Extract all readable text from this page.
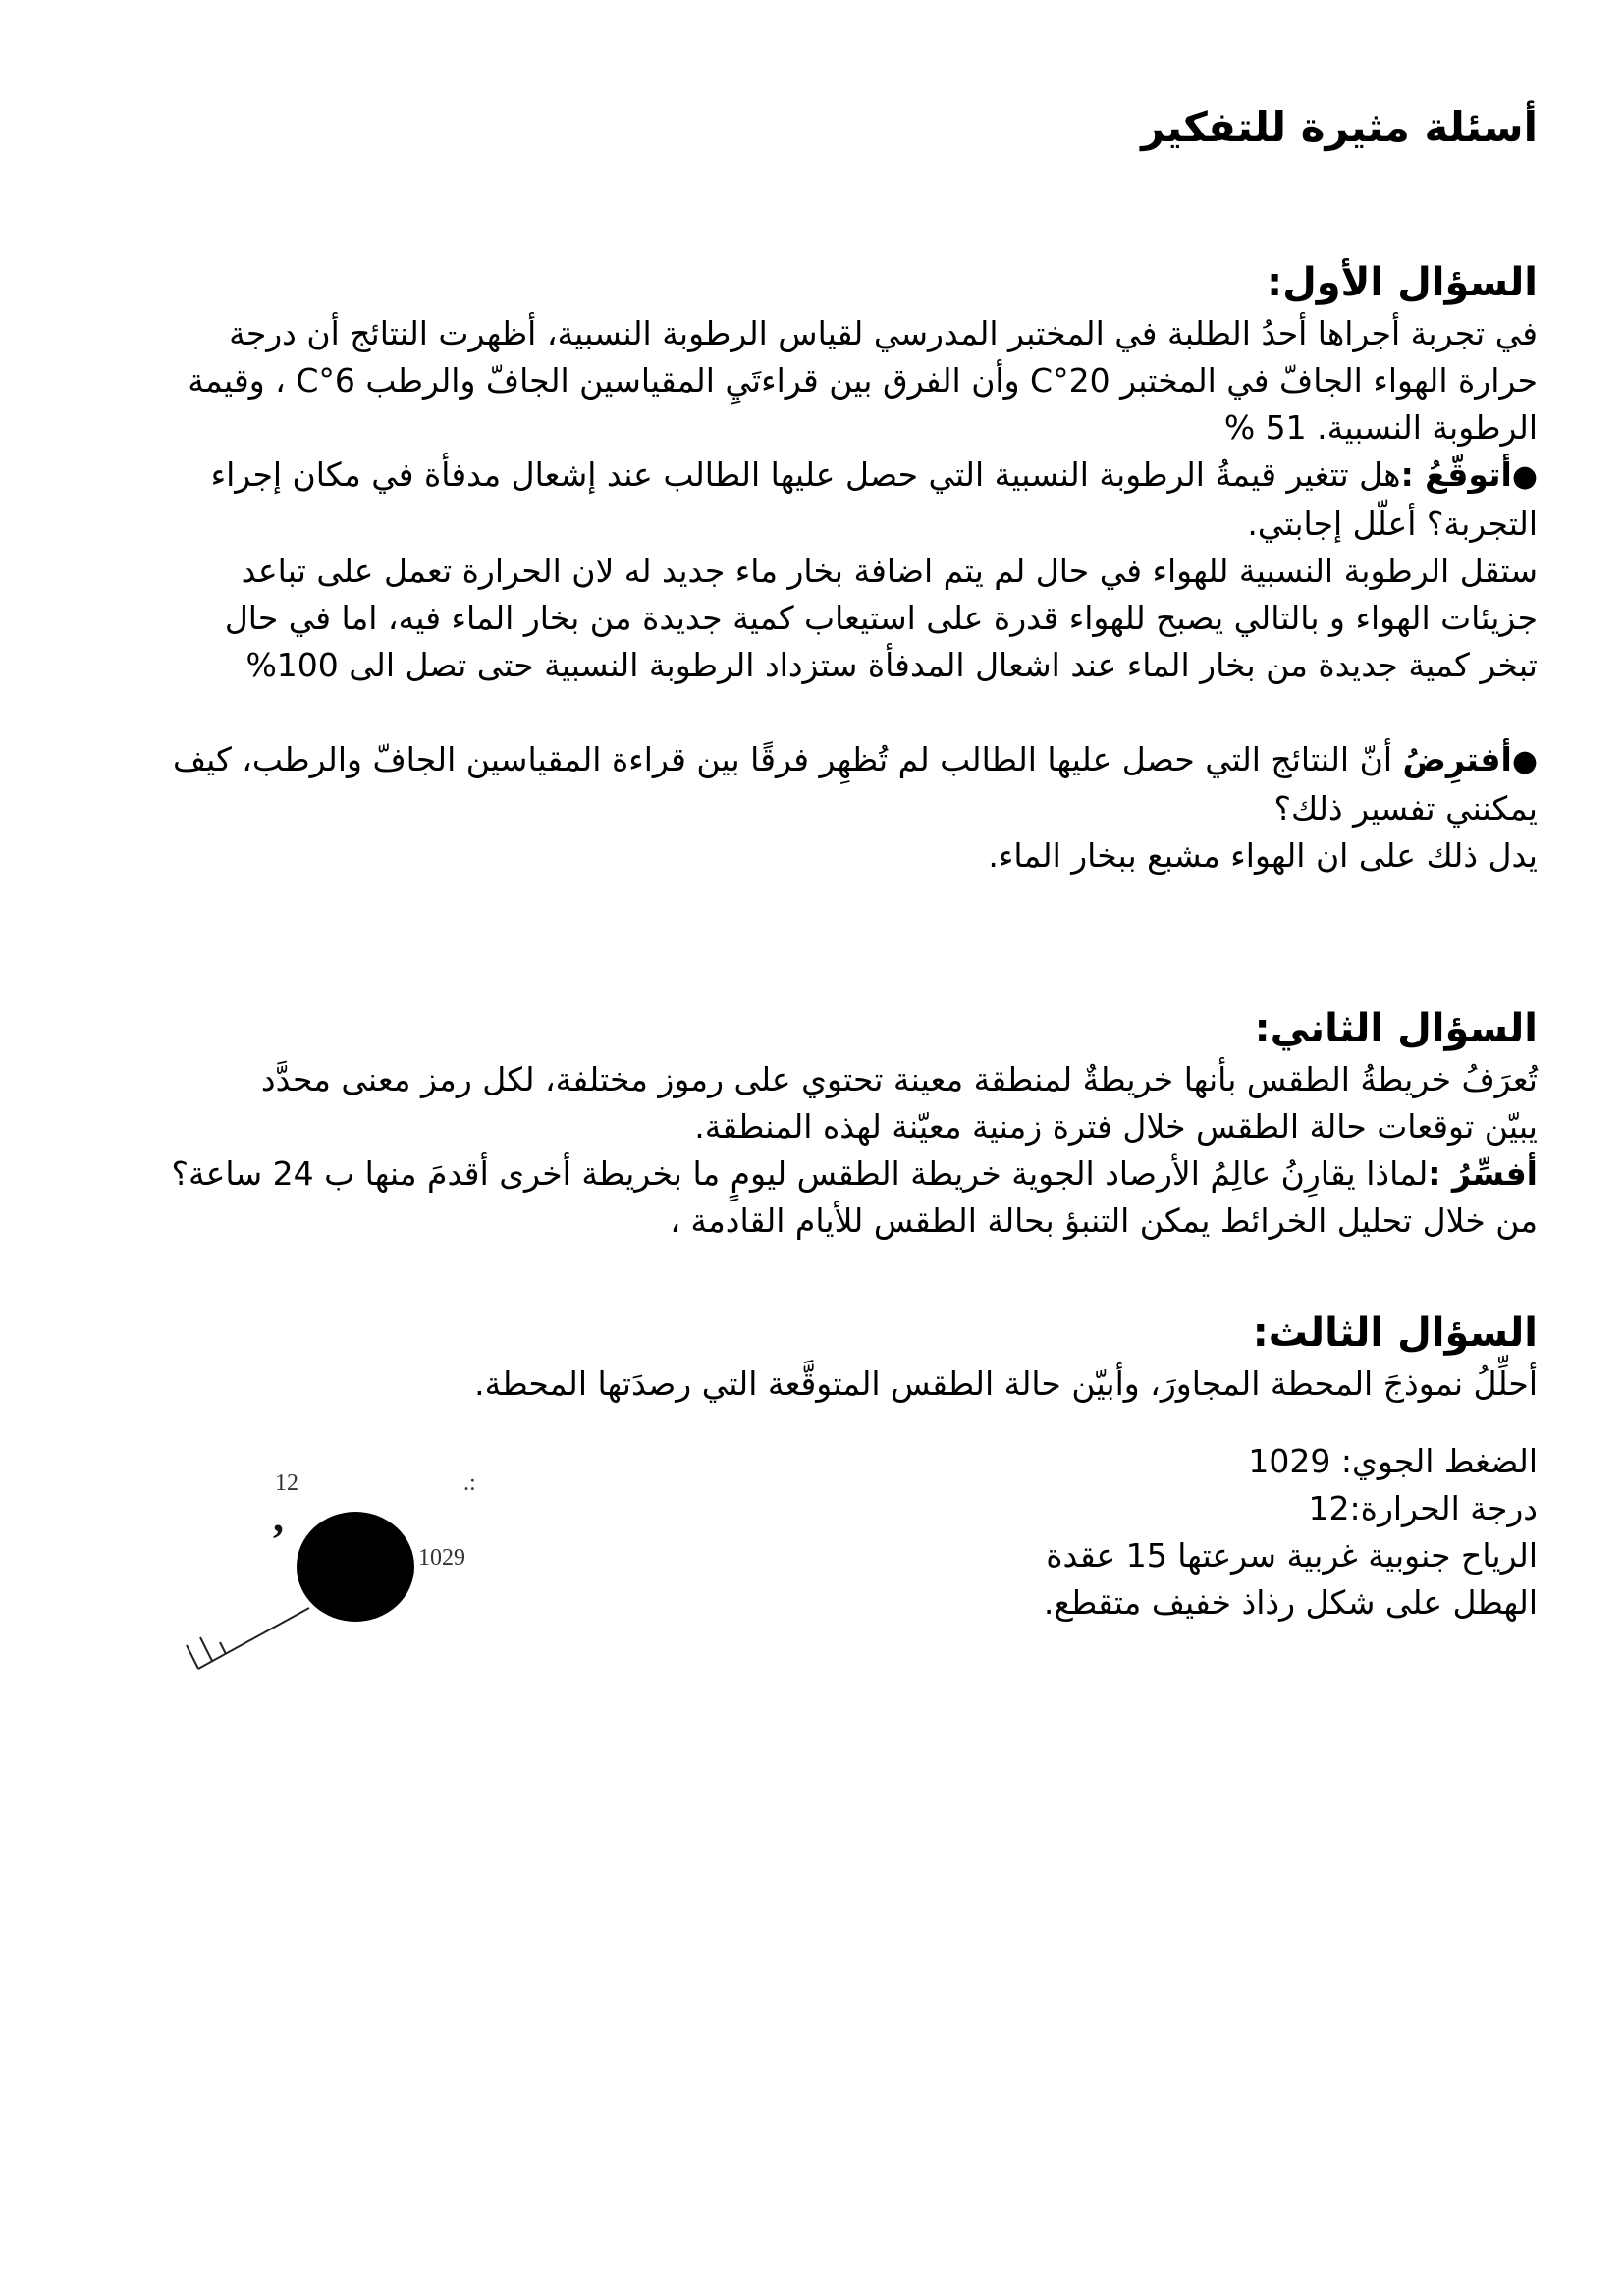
أسئلة مثيرة للتفكير
السؤال الأول:
في تجربة أجراها أحدُ الطلبة في المختبر المدرسي لقياس الرطوبة النسبية، أظهرت النتائج أن درجة
حرارة الهواء الجافّ في المختبر 20°C وأن الفرق بين قراءتَيِ المقياسين الجافّ والرطب 6°C ، وقيمة
الرطوبة النسبية. 51 %
●أتوقّعُ :هل تتغير قيمةُ الرطوبة النسبية التي حصل عليها الطالب عند إشعال مدفأة في مكان إجراء
التجربة؟ أعلّل إجابتي.
ستقل الرطوبة النسبية للهواء في حال لم يتم اضافة بخار ماء جديد له لان الحرارة تعمل على تباعد
جزيئات الهواء و بالتالي يصبح للهواء قدرة على استيعاب كمية جديدة من بخار الماء فيه، اما في حال
تبخر كمية جديدة من بخار الماء عند اشعال المدفأة ستزداد الرطوبة النسبية حتى تصل الى 100%
●أفترِضُ أنّ النتائج التي حصل عليها الطالب لم تُظهِر فرقًا بين قراءة المقياسين الجافّ والرطب، كيف
يمكنني تفسير ذلك؟
يدل ذلك على ان الهواء مشبع ببخار الماء.
السؤال الثاني:
تُعرَفُ خريطةُ الطقس بأنها خريطةٌ لمنطقة معينة تحتوي على رموز مختلفة، لكل رمز معنى محدَّد
يبيّن توقعات حالة الطقس خلال فترة زمنية معيّنة لهذه المنطقة.
أفسِّرُ :لماذا يقارِنُ عالِمُ الأرصاد الجوية خريطة الطقس ليومٍ ما بخريطة أخرى أقدمَ منها ب 24 ساعة؟
من خلال تحليل الخرائط يمكن التنبؤ بحالة الطقس للأيام القادمة ،
السؤال الثالث:
أحلِّلُ نموذجَ المحطة المجاورَ، وأبيّن حالة الطقس المتوقَّعة التي رصدَتها المحطة.
الضغط الجوي: 1029
درجة الحرارة:12
الرياح جنوبية غربية سرعتها 15 عقدة
الهطل على شكل رذاذ خفيف متقطع.
12	.:
,
1029
